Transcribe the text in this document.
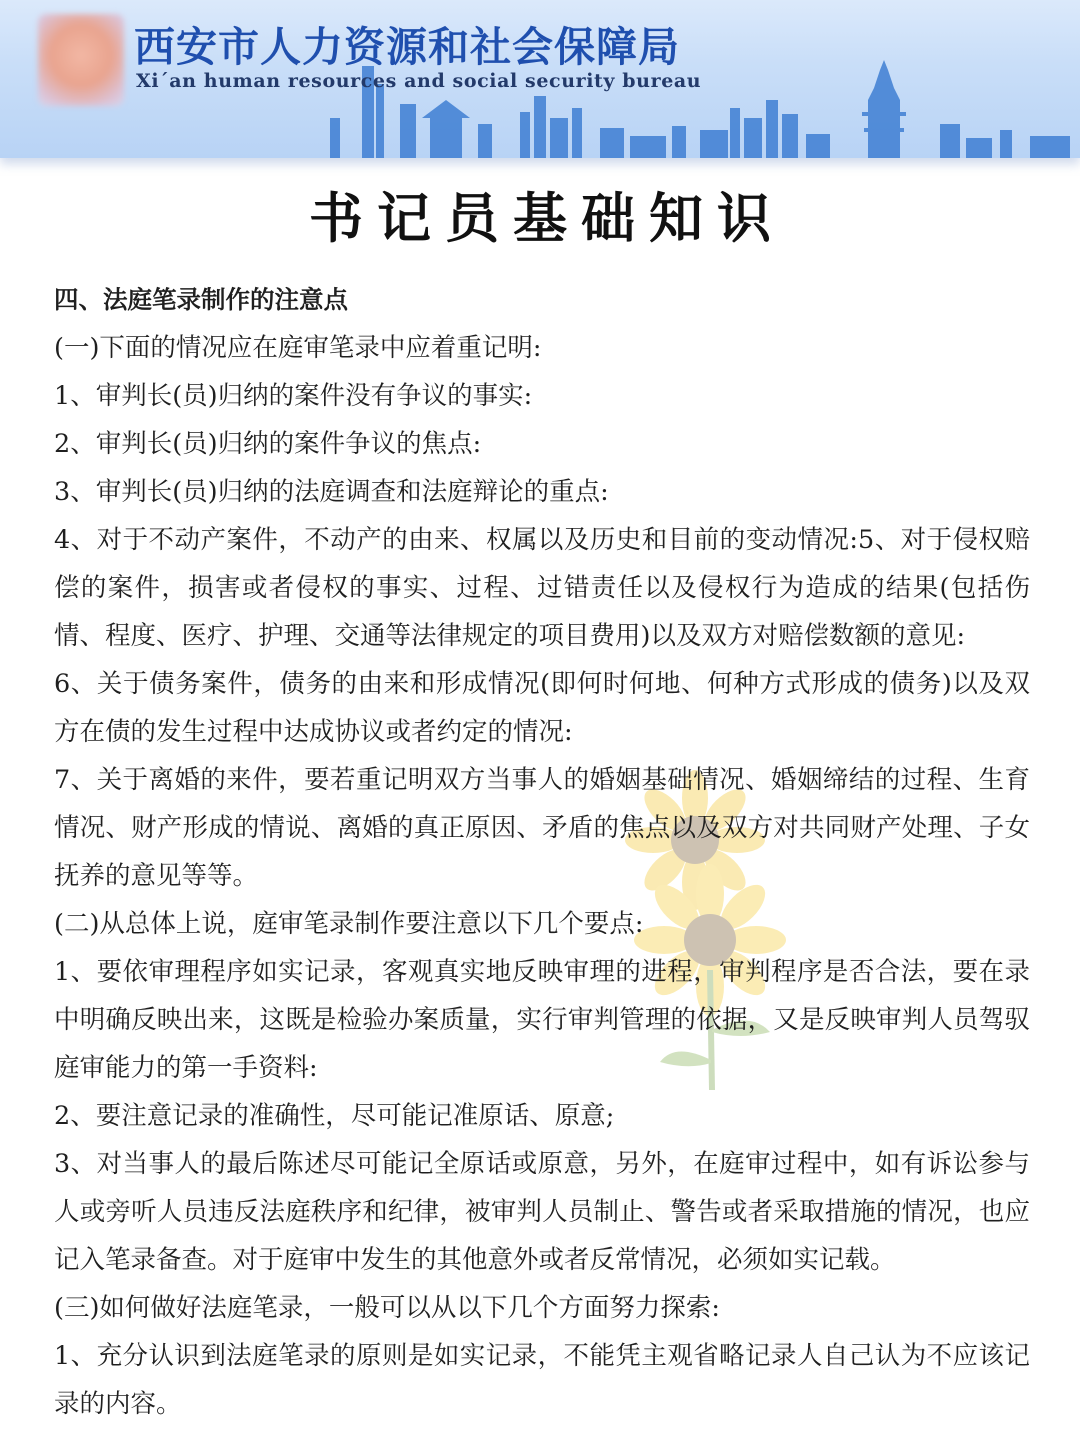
西安市人力资源和社会保障局
Xi´an human resources and social security bureau
书记员基础知识

四、法庭笔录制作的注意点

(一)下面的情况应在庭审笔录中应着重记明:

1、审判长(员)归纳的案件没有争议的事实:

2、审判长(员)归纳的案件争议的焦点:

3、审判长(员)归纳的法庭调查和法庭辩论的重点:

4、对于不动产案件，不动产的由来、权属以及历史和目前的变动情况:5、对于侵权赔偿的案件，损害或者侵权的事实、过程、过错责任以及侵权行为造成的结果(包括伤情、程度、医疗、护理、交通等法律规定的项目费用)以及双方对赔偿数额的意见:

6、关于债务案件，债务的由来和形成情况(即何时何地、何种方式形成的债务)以及双方在债的发生过程中达成协议或者约定的情况:

7、关于离婚的来件，要若重记明双方当事人的婚姻基础情况、婚姻缔结的过程、生育情况、财产形成的情说、离婚的真正原因、矛盾的焦点以及双方对共同财产处理、子女抚养的意见等等。

(二)从总体上说，庭审笔录制作要注意以下几个要点:

1、要依审理程序如实记录，客观真实地反映审理的进程，审判程序是否合法，要在录中明确反映出来，这既是检验办案质量，实行审判管理的依据，又是反映审判人员驾驭庭审能力的第一手资料:

2、要注意记录的准确性，尽可能记准原话、原意;

3、对当事人的最后陈述尽可能记全原话或原意，另外，在庭审过程中，如有诉讼参与人或旁听人员违反法庭秩序和纪律，被审判人员制止、警告或者采取措施的情况，也应记入笔录备查。对于庭审中发生的其他意外或者反常情况，必须如实记载。

(三)如何做好法庭笔录，一般可以从以下几个方面努力探索:

1、充分认识到法庭笔录的原则是如实记录，不能凭主观省略记录人自己认为不应该记录的内容。
